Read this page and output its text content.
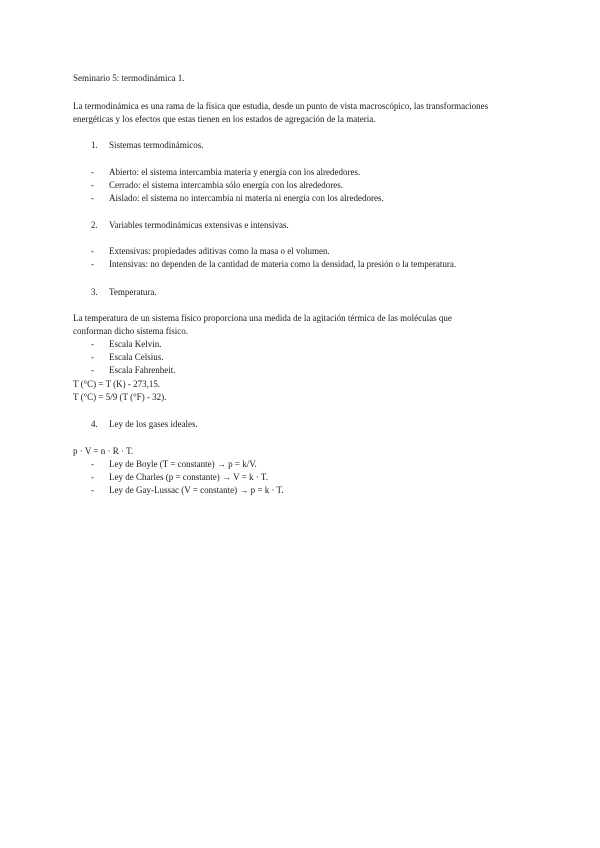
Seminario 5: termodinámica 1.
La termodinámica es una rama de la física que estudia, desde un punto de vista macroscópico, las transformaciones energéticas y los efectos que estas tienen en los estados de agregación de la materia.
1. Sistemas termodinámicos.
- Abierto: el sistema intercambia materia y energía con los alrededores.
- Cerrado: el sistema intercambia sólo energía con los alrededores.
- Aislado: el sistema no intercambia ni materia ni energía con los alrededores.
2. Variables termodinámicas extensivas e intensivas.
- Extensivas: propiedades aditivas como la masa o el volumen.
- Intensivas: no dependen de la cantidad de materia como la densidad, la presión o la temperatura.
3. Temperatura.
La temperatura de un sistema físico proporciona una medida de la agitación térmica de las moléculas que
conforman dicho sistema físico.
- Escala Kelvin.
- Escala Celsius.
- Escala Fahrenheit.
T (°C) = T (K) - 273,15.
T (°C) = 5/9 (T (°F) - 32).
4. Ley de los gases ideales.
p · V = n · R · T.
- Ley de Boyle (T = constante) → p = k/V.
- Ley de Charles (p = constante) → V = k · T.
- Ley de Gay-Lussac (V = constante) → p = k · T.
